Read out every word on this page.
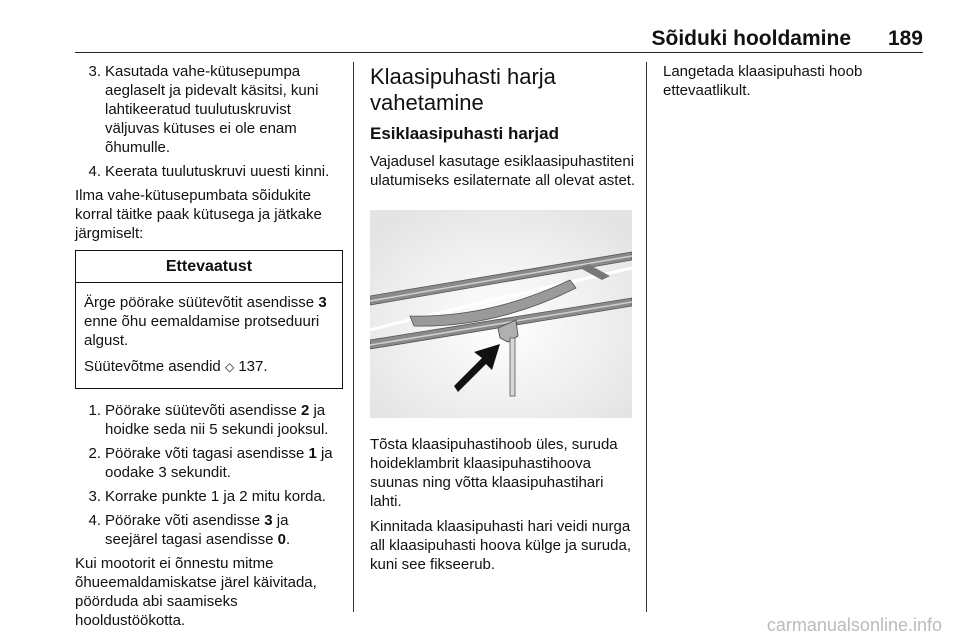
Sõiduki hooldamine 189
3. Kasutada vahe-kütusepumpa aeglaselt ja pidevalt käsitsi, kuni lahtikeeratud tuulutuskruvist väljuvas kütuses ei ole enam õhumulle.
4. Keerata tuulutuskruvi uuesti kinni.

Ilma vahe-kütusepumbata sõidukite korral täitke paak kütusega ja jätkake järgmiselt:

Ettevaatust

Ärge pöörake süütevõtit asendisse 3 enne õhu eemaldamise protseduuri algust.

Süütevõtme asendid ◇ 137.

1. Pöörake süütevõti asendisse 2 ja hoidke seda nii 5 sekundi jooksul.
2. Pöörake võti tagasi asendisse 1 ja oodake 3 sekundit.
3. Korrake punkte 1 ja 2 mitu korda.
4. Pöörake võti asendisse 3 ja seejärel tagasi asendisse 0.

Kui mootorit ei õnnestu mitme õhueemaldamiskatse järel käivitada, pöörduda abi saamiseks hooldustöökotta.

Klaasipuhasti harja vahetamine
Esiklaasipuhasti harjad

Vajadusel kasutage esiklaasipuhastiteni ulatumiseks esilaternate all olevat astet.

Tõsta klaasipuhastihoob üles, suruda hoideklambrit klaasipuhastihoova suunas ning võtta klaasipuhastihari lahti.

Kinnitada klaasipuhasti hari veidi nurga all klaasipuhasti hoova külge ja suruda, kuni see fikseerub.

Langetada klaasipuhasti hoob ettevaatlikult.

carmanualsonline.info
